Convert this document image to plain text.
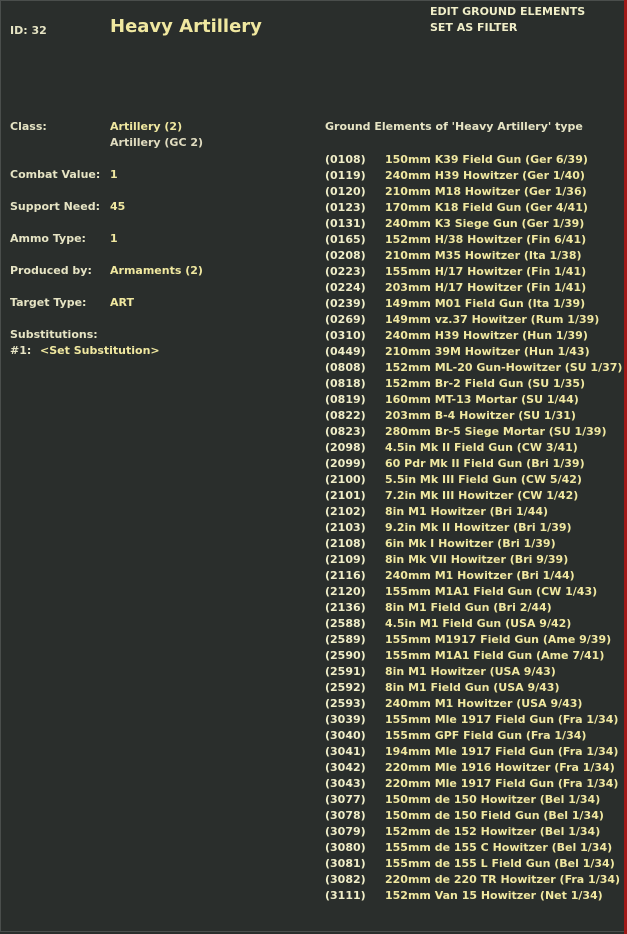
ID: 32	Heavy Artillery
EDIT GROUND ELEMENTS
SET AS FILTER
Class:	Artillery (2)
Artillery (GC 2)
Combat Value: 1
Support Need: 45
Ammo Type: 1
Produced by: Armaments (2)
Target Type: ART
Substitutions:
#1: <Set Substitution>
Ground Elements of 'Heavy Artillery' type
(0108) 150mm K39 Field Gun (Ger 6/39)
(0119) 240mm H39 Howitzer (Ger 1/40)
(0120) 210mm M18 Howitzer (Ger 1/36)
(0123) 170mm K18 Field Gun (Ger 4/41)
(0131) 240mm K3 Siege Gun (Ger 1/39)
(0165) 152mm H/38 Howitzer (Fin 6/41)
(0208) 210mm M35 Howitzer (Ita 1/38)
(0223) 155mm H/17 Howitzer (Fin 1/41)
(0224) 203mm H/17 Howitzer (Fin 1/41)
(0239) 149mm M01 Field Gun (Ita 1/39)
(0269) 149mm vz.37 Howitzer (Rum 1/39)
(0310) 240mm H39 Howitzer (Hun 1/39)
(0449) 210mm 39M Howitzer (Hun 1/43)
(0808) 152mm ML-20 Gun-Howitzer (SU 1/37)
(0818) 152mm Br-2 Field Gun (SU 1/35)
(0819) 160mm MT-13 Mortar (SU 1/44)
(0822) 203mm B-4 Howitzer (SU 1/31)
(0823) 280mm Br-5 Siege Mortar (SU 1/39)
(2098) 4.5in Mk II Field Gun (CW 3/41)
(2099) 60 Pdr Mk II Field Gun (Bri 1/39)
(2100) 5.5in Mk III Field Gun (CW 5/42)
(2101) 7.2in Mk III Howitzer (CW 1/42)
(2102) 8in M1 Howitzer (Bri 1/44)
(2103) 9.2in Mk II Howitzer (Bri 1/39)
(2108) 6in Mk I Howitzer (Bri 1/39)
(2109) 8in Mk VII Howitzer (Bri 9/39)
(2116) 240mm M1 Howitzer (Bri 1/44)
(2120) 155mm M1A1 Field Gun (CW 1/43)
(2136) 8in M1 Field Gun (Bri 2/44)
(2588) 4.5in M1 Field Gun (USA 9/42)
(2589) 155mm M1917 Field Gun (Ame 9/39)
(2590) 155mm M1A1 Field Gun (Ame 7/41)
(2591) 8in M1 Howitzer (USA 9/43)
(2592) 8in M1 Field Gun (USA 9/43)
(2593) 240mm M1 Howitzer (USA 9/43)
(3039) 155mm Mle 1917 Field Gun (Fra 1/34)
(3040) 155mm GPF Field Gun (Fra 1/34)
(3041) 194mm Mle 1917 Field Gun (Fra 1/34)
(3042) 220mm Mle 1916 Howitzer (Fra 1/34)
(3043) 220mm Mle 1917 Field Gun (Fra 1/34)
(3077) 150mm de 150 Howitzer (Bel 1/34)
(3078) 150mm de 150 Field Gun (Bel 1/34)
(3079) 152mm de 152 Howitzer (Bel 1/34)
(3080) 155mm de 155 C Howitzer (Bel 1/34)
(3081) 155mm de 155 L Field Gun (Bel 1/34)
(3082) 220mm de 220 TR Howitzer (Fra 1/34)
(3111) 152mm Van 15 Howitzer (Net 1/34)
